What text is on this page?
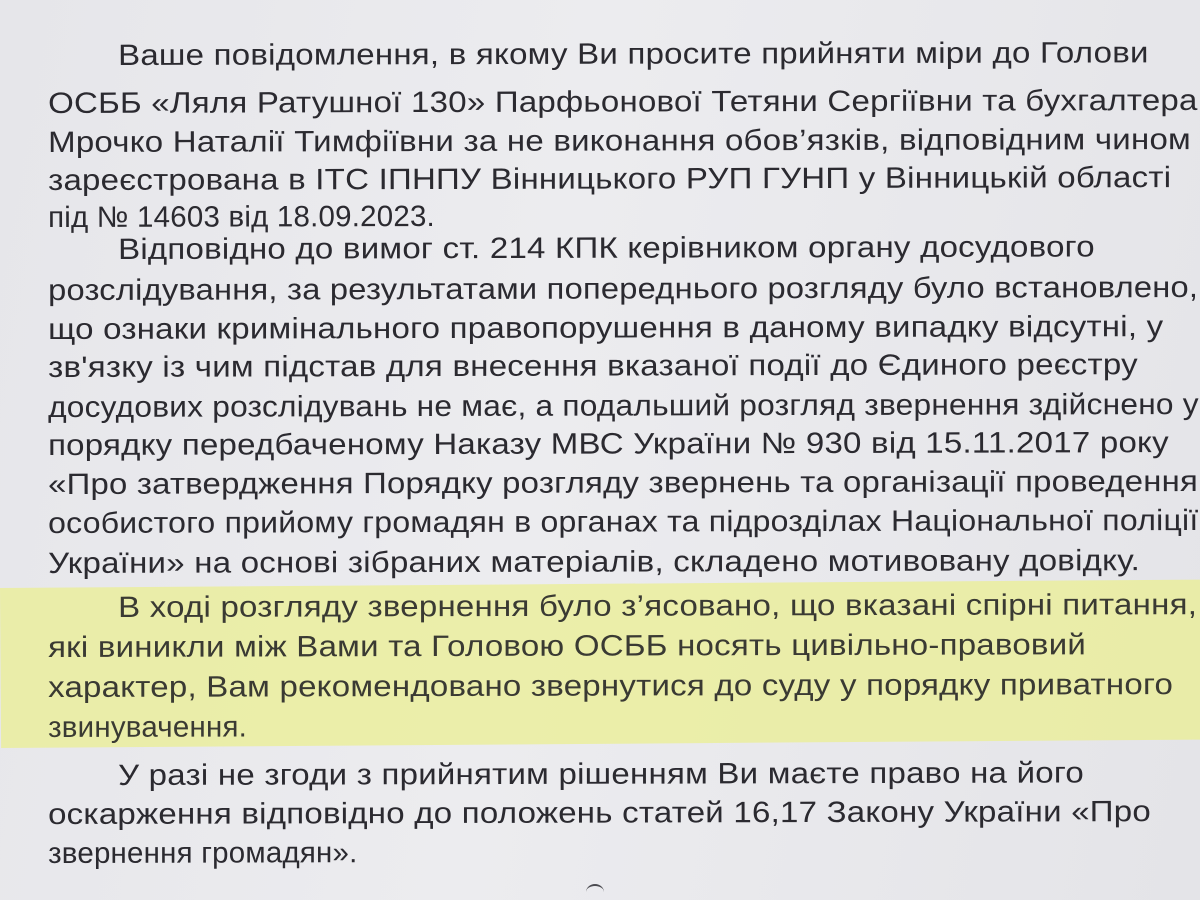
Ваше повідомлення, в якому Ви просите прийняти міри до Голови
ОСББ «Ляля Ратушної 130» Парфьонової Тетяни Сергіївни та бухгалтера
Мрочко Наталії Тимфіївни за не виконання обов’язків, відповідним чином
зареєстрована в ІТС ІПНПУ Вінницького РУП ГУНП у Вінницькій області
під № 14603 від 18.09.2023.
Відповідно до вимог ст. 214 КПК керівником органу досудового
розслідування, за результатами попереднього розгляду було встановлено,
що ознаки кримінального правопорушення в даному випадку відсутні, у
зв'язку із чим підстав для внесення вказаної події до Єдиного реєстру
досудових розслідувань не має, а подальший розгляд звернення здійснено у
порядку передбаченому Наказу МВС України № 930 від 15.11.2017 року
«Про затвердження Порядку розгляду звернень та організації проведення
особистого прийому громадян в органах та підрозділах Національної поліції
України» на основі зібраних матеріалів, складено мотивовану довідку.
В ході розгляду звернення було з’ясовано, що вказані спірні питання,
які виникли між Вами та Головою ОСББ носять цивільно-правовий
характер, Вам рекомендовано звернутися до суду у порядку приватного
звинувачення.
У разі не згоди з прийнятим рішенням Ви маєте право на його
оскарження відповідно до положень статей 16,17 Закону України «Про
звернення громадян».
